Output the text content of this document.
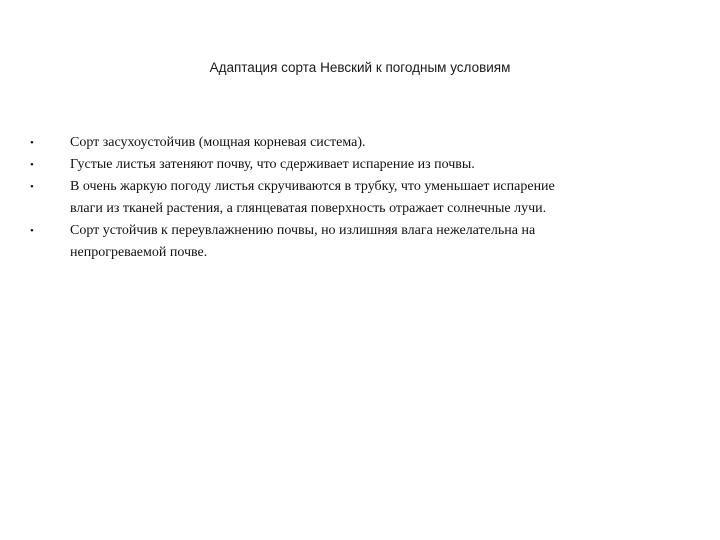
Адаптация сорта Невский к погодным условиям
•	Сорт засухоустойчив (мощная корневая система).
•	Густые листья затеняют почву, что сдерживает испарение из почвы.
•	В очень жаркую погоду листья скручиваются в трубку, что уменьшает испарение
влаги из тканей растения, а глянцеватая поверхность отражает солнечные лучи.
•	Сорт устойчив к переувлажнению почвы, но излишняя влага нежелательна на
непрогреваемой почве.
